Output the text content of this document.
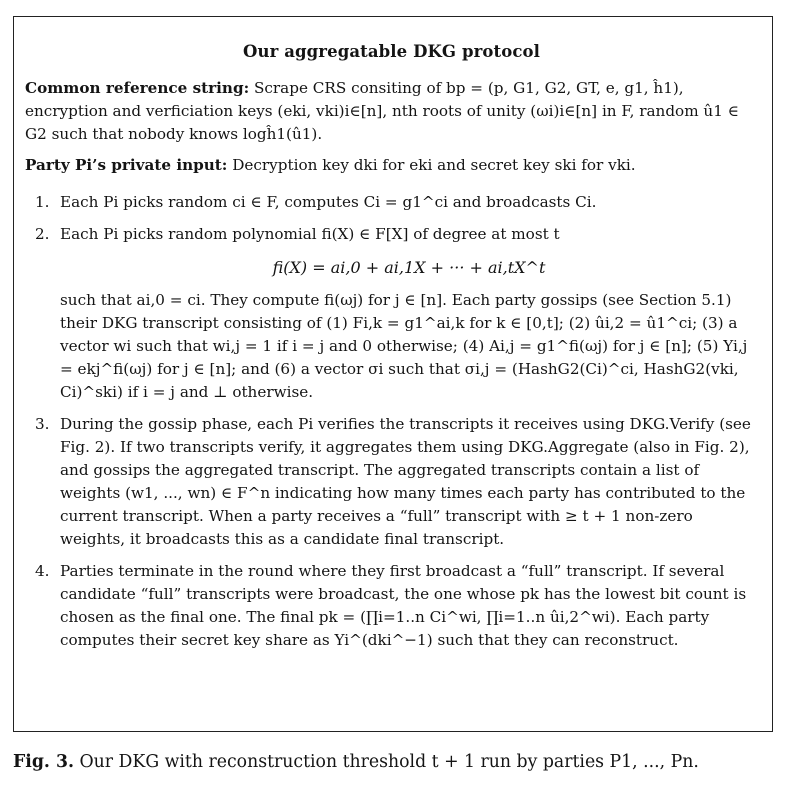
Our aggregatable DKG protocol

Common reference string: Scrape CRS consiting of bp = (p, G1, G2, GT, e, g1, ĥ1), encryption and verficiation keys (eki, vki)i∈[n], nth roots of unity (ωi)i∈[n] in F, random û1 ∈ G2 such that nobody knows logĥ1(û1).

Party Pi’s private input: Decryption key dki for eki and secret key ski for vki.

1. Each Pi picks random ci ∈ F, computes Ci = g1^ci and broadcasts Ci.
2. Each Pi picks random polynomial fi(X) ∈ F[X] of degree at most t
fi(X) = ai,0 + ai,1X + ··· + ai,tX^t
such that ai,0 = ci. They compute fi(ωj) for j ∈ [n]. Each party gossips (see Section 5.1) their DKG transcript consisting of (1) Fi,k = g1^ai,k for k ∈ [0,t]; (2) ûi,2 = û1^ci; (3) a vector wi such that wi,j = 1 if i = j and 0 otherwise; (4) Ai,j = g1^fi(ωj) for j ∈ [n]; (5) Yi,j = ekj^fi(ωj) for j ∈ [n]; and (6) a vector σi such that σi,j = (HashG2(Ci)^ci, HashG2(vki, Ci)^ski) if i = j and ⊥ otherwise.
3. During the gossip phase, each Pi verifies the transcripts it receives using DKG.Verify (see Fig. 2). If two transcripts verify, it aggregates them using DKG.Aggregate (also in Fig. 2), and gossips the aggregated transcript. The aggregated transcripts contain a list of weights (w1, ..., wn) ∈ F^n indicating how many times each party has contributed to the current transcript. When a party receives a “full” transcript with ≥ t + 1 non-zero weights, it broadcasts this as a candidate final transcript.
4. Parties terminate in the round where they first broadcast a “full” transcript. If several candidate “full” transcripts were broadcast, the one whose pk has the lowest bit count is chosen as the final one. The final pk = (∏i=1..n Ci^wi, ∏i=1..n ûi,2^wi). Each party computes their secret key share as Yi^(dki^−1) such that they can reconstruct.
Fig. 3. Our DKG with reconstruction threshold t + 1 run by parties P1, ..., Pn.
